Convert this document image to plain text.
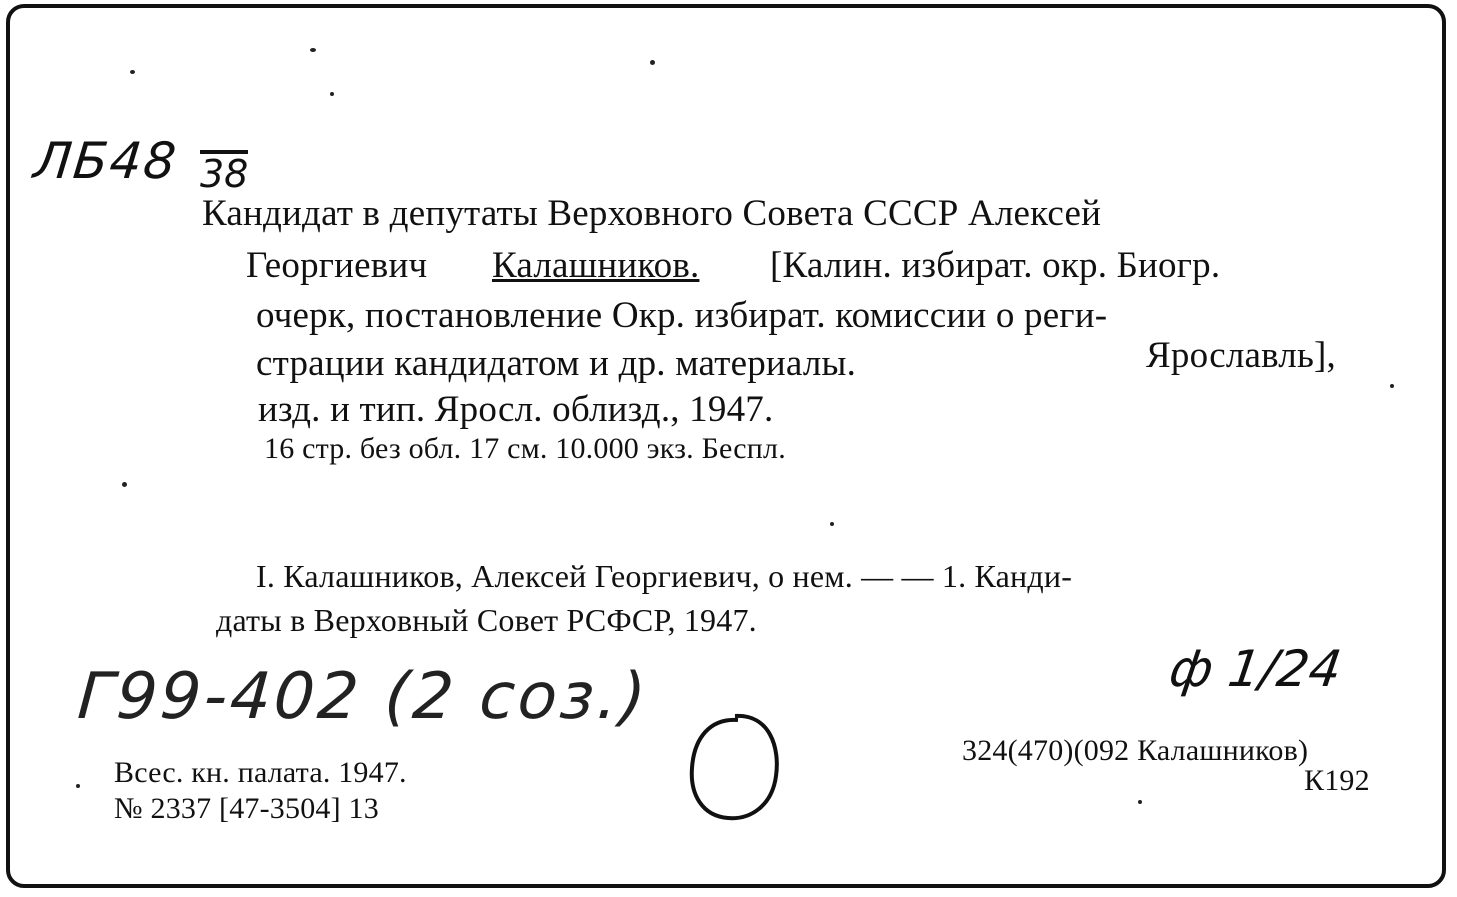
ЛБ48 38
Кандидат в депутаты Верховного Совета СССР Алексей
Георгиевич Калашников. [Калин. избират. окр. Биогр.
очерк, постановление Окр. избират. комиссии о реги-
страции кандидатом и др. материалы.	Ярославль],
изд. и тип. Яросл. облизд., 1947.
16 стр. без обл. 17 см. 10.000 экз. Беспл.
I. Калашников, Алексей Георгиевич, о нем. — — 1. Канди-
даты в Верховный Совет РСФСР, 1947.
Г99-402 (2 соз.)	ф 1/24
Всес. кн. палата. 1947.
№ 2337 [47-3504] 13
324(470)(092 Калашников)
К192
